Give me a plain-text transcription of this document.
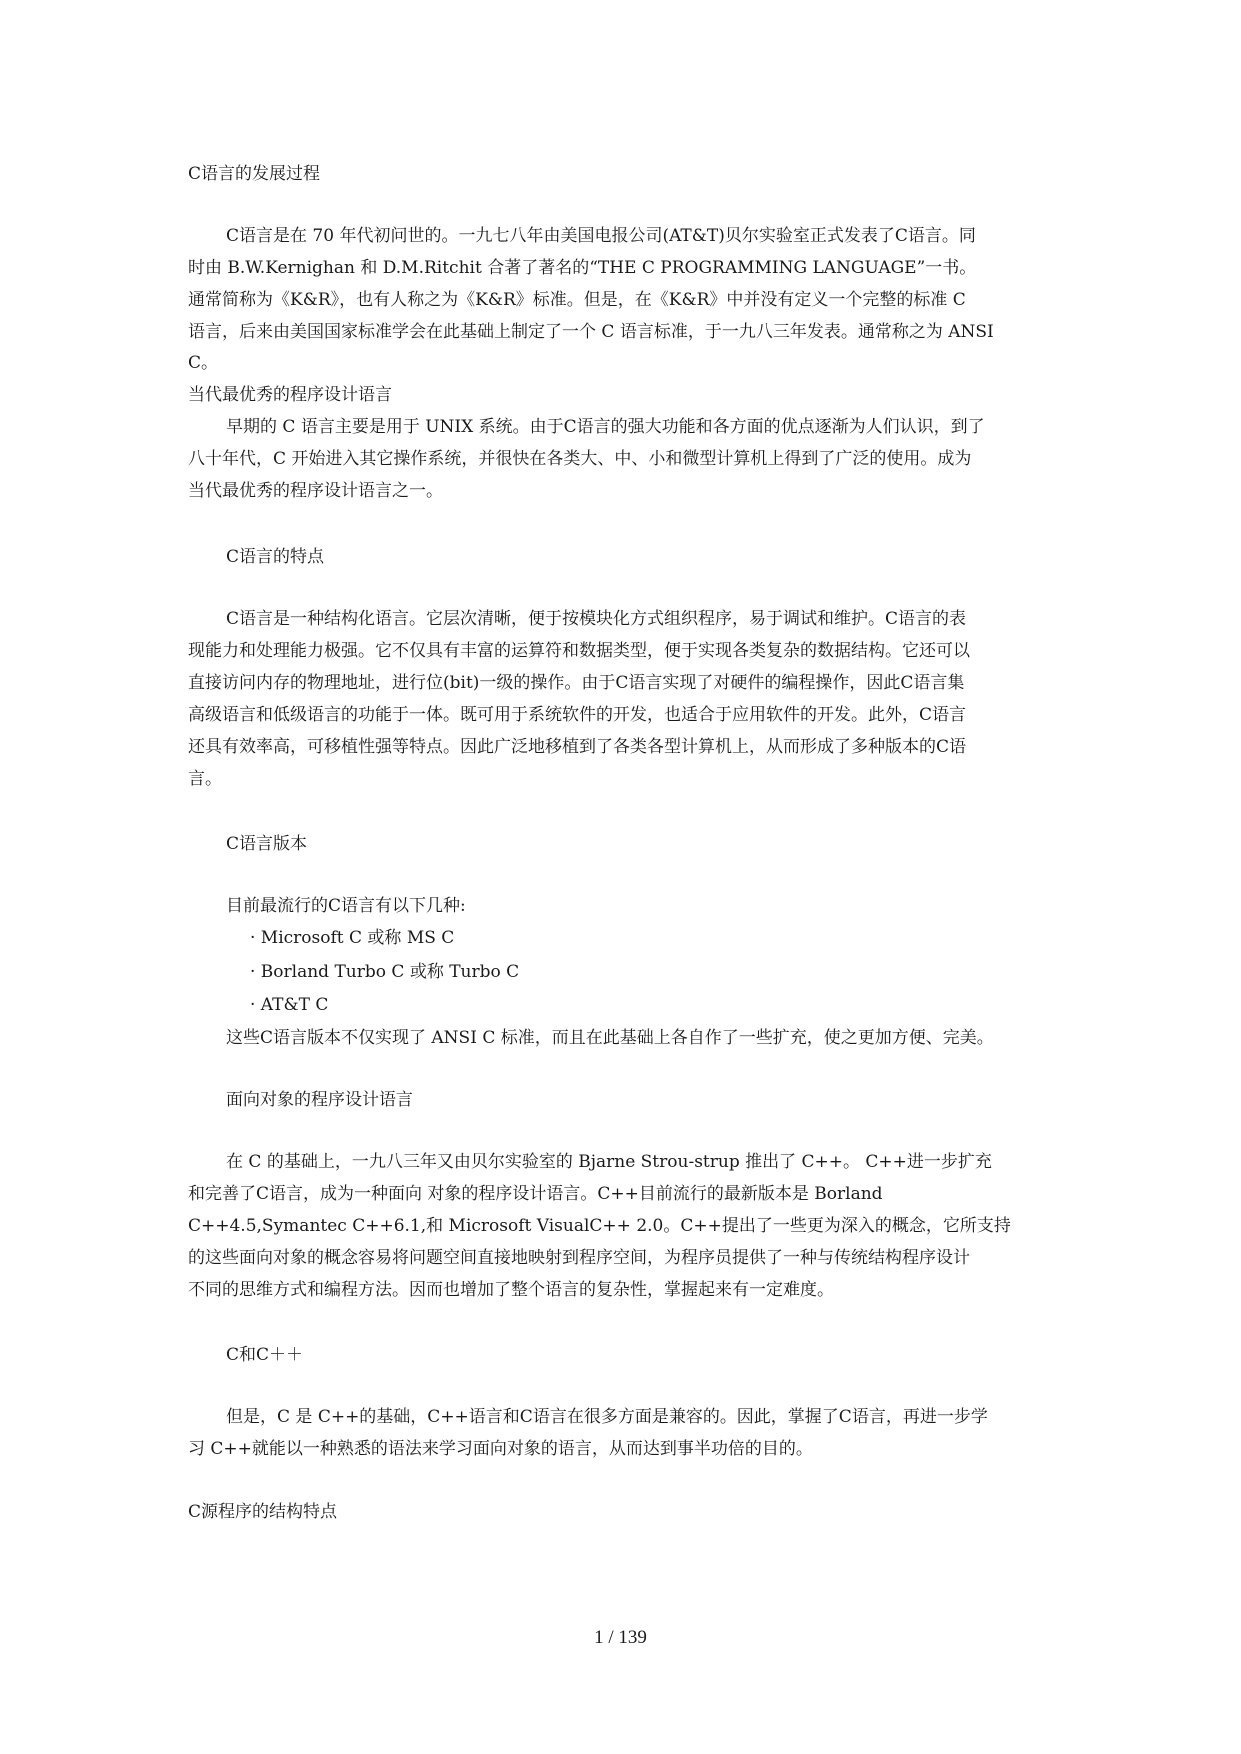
C语言的发展过程

C语言是在 70 年代初问世的。一九七八年由美国电报公司(AT&T)贝尔实验室正式发表了C语言。同

时由 B.W.Kernighan 和 D.M.Ritchit 合著了著名的“THE C PROGRAMMING LANGUAGE”一书。

通常简称为《K&R》，也有人称之为《K&R》标准。但是，在《K&R》中并没有定义一个完整的标准 C

语言，后来由美国国家标准学会在此基础上制定了一个 C 语言标准，于一九八三年发表。通常称之为 ANSI

C。

当代最优秀的程序设计语言

早期的 C 语言主要是用于 UNIX 系统。由于C语言的强大功能和各方面的优点逐渐为人们认识，到了

八十年代，C 开始进入其它操作系统，并很快在各类大、中、小和微型计算机上得到了广泛的使用。成为

当代最优秀的程序设计语言之一。

C语言的特点

C语言是一种结构化语言。它层次清晰，便于按模块化方式组织程序，易于调试和维护。C语言的表

现能力和处理能力极强。它不仅具有丰富的运算符和数据类型，便于实现各类复杂的数据结构。它还可以

直接访问内存的物理地址，进行位(bit)一级的操作。由于C语言实现了对硬件的编程操作，因此C语言集

高级语言和低级语言的功能于一体。既可用于系统软件的开发，也适合于应用软件的开发。此外，C语言

还具有效率高，可移植性强等特点。因此广泛地移植到了各类各型计算机上，从而形成了多种版本的C语

言。

C语言版本

目前最流行的C语言有以下几种:

· Microsoft C 或称 MS C

· Borland Turbo C 或称 Turbo C

· AT&T C

这些C语言版本不仅实现了 ANSI C 标准，而且在此基础上各自作了一些扩充，使之更加方便、完美。

面向对象的程序设计语言

在 C 的基础上，一九八三年又由贝尔实验室的 Bjarne Strou-strup 推出了 C++。 C++进一步扩充

和完善了C语言，成为一种面向 对象的程序设计语言。C++目前流行的最新版本是 Borland

C++4.5,Symantec C++6.1,和 Microsoft VisualC++ 2.0。C++提出了一些更为深入的概念，它所支持

的这些面向对象的概念容易将问题空间直接地映射到程序空间，为程序员提供了一种与传统结构程序设计

不同的思维方式和编程方法。因而也增加了整个语言的复杂性，掌握起来有一定难度。

C和C＋＋

但是，C 是 C++的基础，C++语言和C语言在很多方面是兼容的。因此，掌握了C语言，再进一步学

习 C++就能以一种熟悉的语法来学习面向对象的语言，从而达到事半功倍的目的。

C源程序的结构特点

1 / 139
